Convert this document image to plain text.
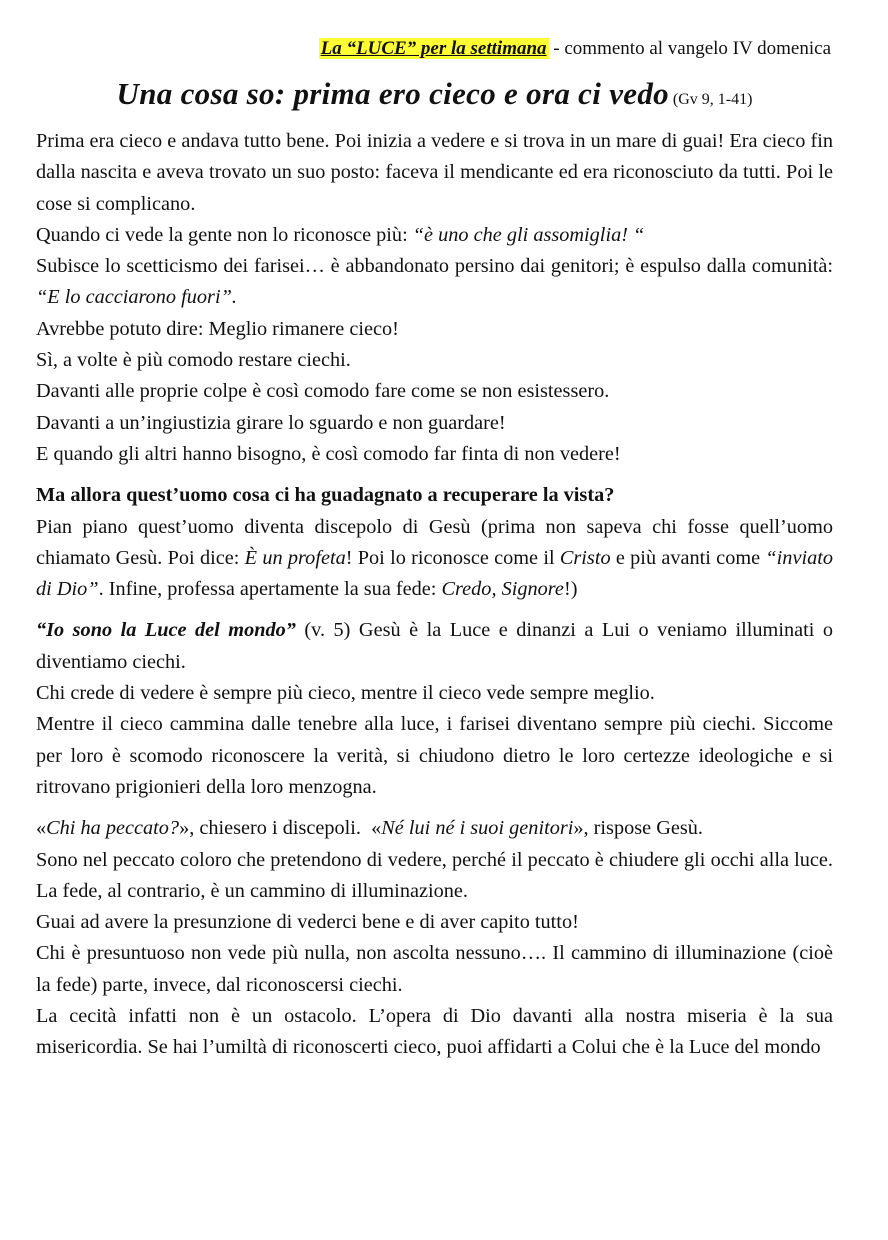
La “LUCE” per la settimana - commento al vangelo IV domenica
Una cosa so: prima ero cieco e ora ci vedo (Gv 9, 1-41)

Prima era cieco e andava tutto bene. Poi inizia a vedere e si trova in un mare di guai! Era cieco fin dalla nascita e aveva trovato un suo posto: faceva il mendicante ed era riconosciuto da tutti. Poi le cose si complicano.

Quando ci vede la gente non lo riconosce più: “è uno che gli assomiglia! “

Subisce lo scetticismo dei farisei… è abbandonato persino dai genitori; è espulso dalla comunità: “E lo cacciarono fuori”.

Avrebbe potuto dire: Meglio rimanere cieco!

Sì, a volte è più comodo restare ciechi.

Davanti alle proprie colpe è così comodo fare come se non esistessero.

Davanti a un’ingiustizia girare lo sguardo e non guardare!

E quando gli altri hanno bisogno, è così comodo far finta di non vedere!

Ma allora quest’uomo cosa ci ha guadagnato a recuperare la vista?

Pian piano quest’uomo diventa discepolo di Gesù (prima non sapeva chi fosse quell’uomo chiamato Gesù. Poi dice: È un profeta! Poi lo riconosce come il Cristo e più avanti come “inviato di Dio”. Infine, professa apertamente la sua fede: Credo, Signore!)

“Io sono la Luce del mondo” (v. 5) Gesù è la Luce e dinanzi a Lui o veniamo illuminati o diventiamo ciechi.

Chi crede di vedere è sempre più cieco, mentre il cieco vede sempre meglio.

Mentre il cieco cammina dalle tenebre alla luce, i farisei diventano sempre più ciechi. Siccome per loro è scomodo riconoscere la verità, si chiudono dietro le loro certezze ideologiche e si ritrovano prigionieri della loro menzogna.

«Chi ha peccato?», chiesero i discepoli.  «Né lui né i suoi genitori», rispose Gesù.

Sono nel peccato coloro che pretendono di vedere, perché il peccato è chiudere gli occhi alla luce. La fede, al contrario, è un cammino di illuminazione.

Guai ad avere la presunzione di vederci bene e di aver capito tutto!

Chi è presuntuoso non vede più nulla, non ascolta nessuno…. Il cammino di illuminazione (cioè la fede) parte, invece, dal riconoscersi ciechi.

La cecità infatti non è un ostacolo. L’opera di Dio davanti alla nostra miseria è la sua misericordia. Se hai l’umiltà di riconoscerti cieco, puoi affidarti a Colui che è la Luce del mondo
